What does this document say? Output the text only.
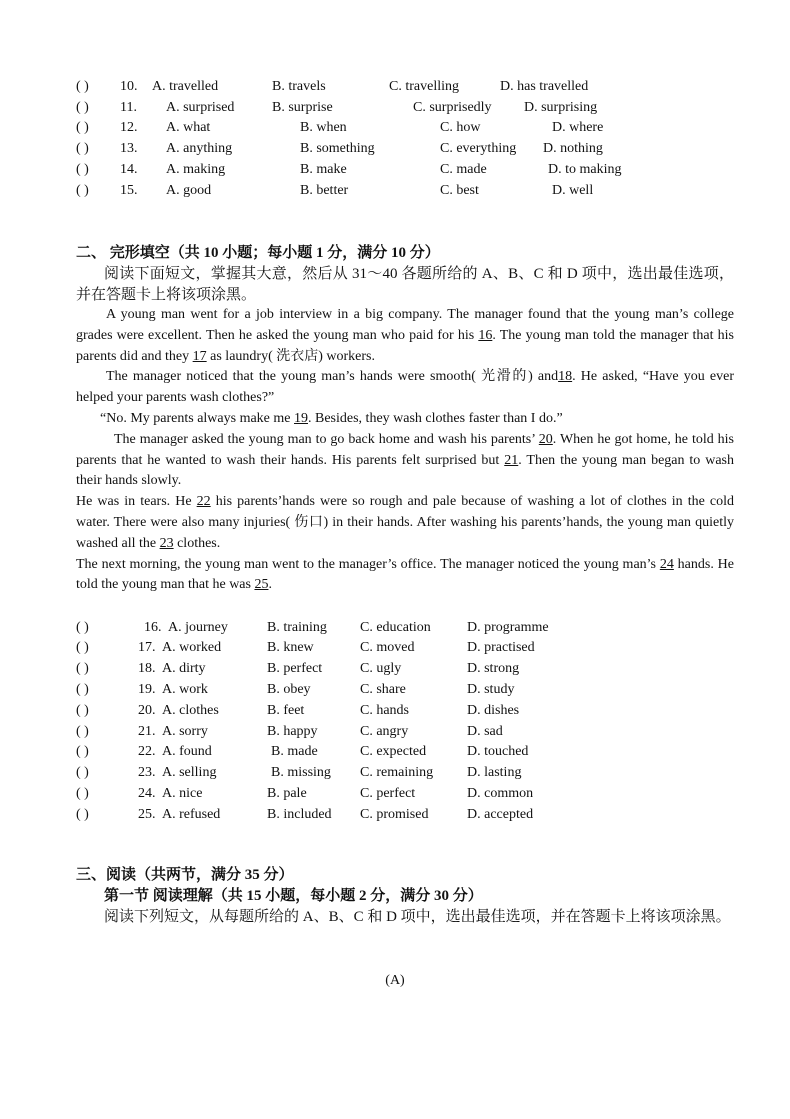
( ) 10. A. travelled	B. travels	C. travelling	D. has travelled
( ) 11. A. surprised	B. surprise	C. surprisedly D. surprising
( ) 12. A. what	B. when	C. how	D. where
( ) 13. A. anything	B. something	C. everything D. nothing
( ) 14. A. making	B. make	C. made	D. to making
( ) 15. A. good	B. better	C. best	D. well
二、 完形填空（共 10 小题；每小题 1 分，满分 10 分）
阅读下面短文，掌握其大意，然后从 31～40 各题所给的 A、B、C 和 D 项中，选出最佳选项，并在答题卡上将该项涂黑。

A young man went for a job interview in a big company. The manager found that the young man’s college grades were excellent. Then he asked the young man who paid for his 16. The young man told the manager that his parents did and they 17 as laundry( 洗衣店) workers.

The manager noticed that the young man’s hands were smooth( 光滑的) and18. He asked, “Have you ever helped your parents wash clothes?”

“No. My parents always make me 19. Besides, they wash clothes faster than I do.”

The manager asked the young man to go back home and wash his parents’ 20. When he got home, he told his parents that he wanted to wash their hands. His parents felt surprised but 21. Then the young man began to wash their hands slowly.

He was in tears. He 22 his parents’hands were so rough and pale because of washing a lot of clothes in the cold water. There were also many injuries( 伤口) in their hands. After washing his parents’hands, the young man quietly washed all the 23 clothes.

The next morning, the young man went to the manager’s office. The manager noticed the young man’s 24 hands. He told the young man that he was 25.

( )	16. A. journey	B. training C. education	D. programme
( )	17. A. worked	B. knew	C. moved	D. practised
( )	18. A. dirty	B. perfect	C. ugly	D. strong
( )	19. A. work	B. obey	C. share	D. study
( )	20. A. clothes	B. feet	C. hands	D. dishes
( )	21. A. sorry	B. happy	C. angry	D. sad
( )	22. A. found	B. made	C. expected	D. touched
( )	23. A. selling	B. missing C. remaining D. lasting
( )	24. A. nice	B. pale	C. perfect	D. common
( )	25. A. refused	B. included C. promised	D. accepted
三、阅读（共两节，满分 35 分）
第一节 阅读理解（共 15 小题，每小题 2 分，满分 30 分）
阅读下列短文，从每题所给的 A、B、C 和 D 项中，选出最佳选项，并在答题卡上将该项涂黑。
(A)
